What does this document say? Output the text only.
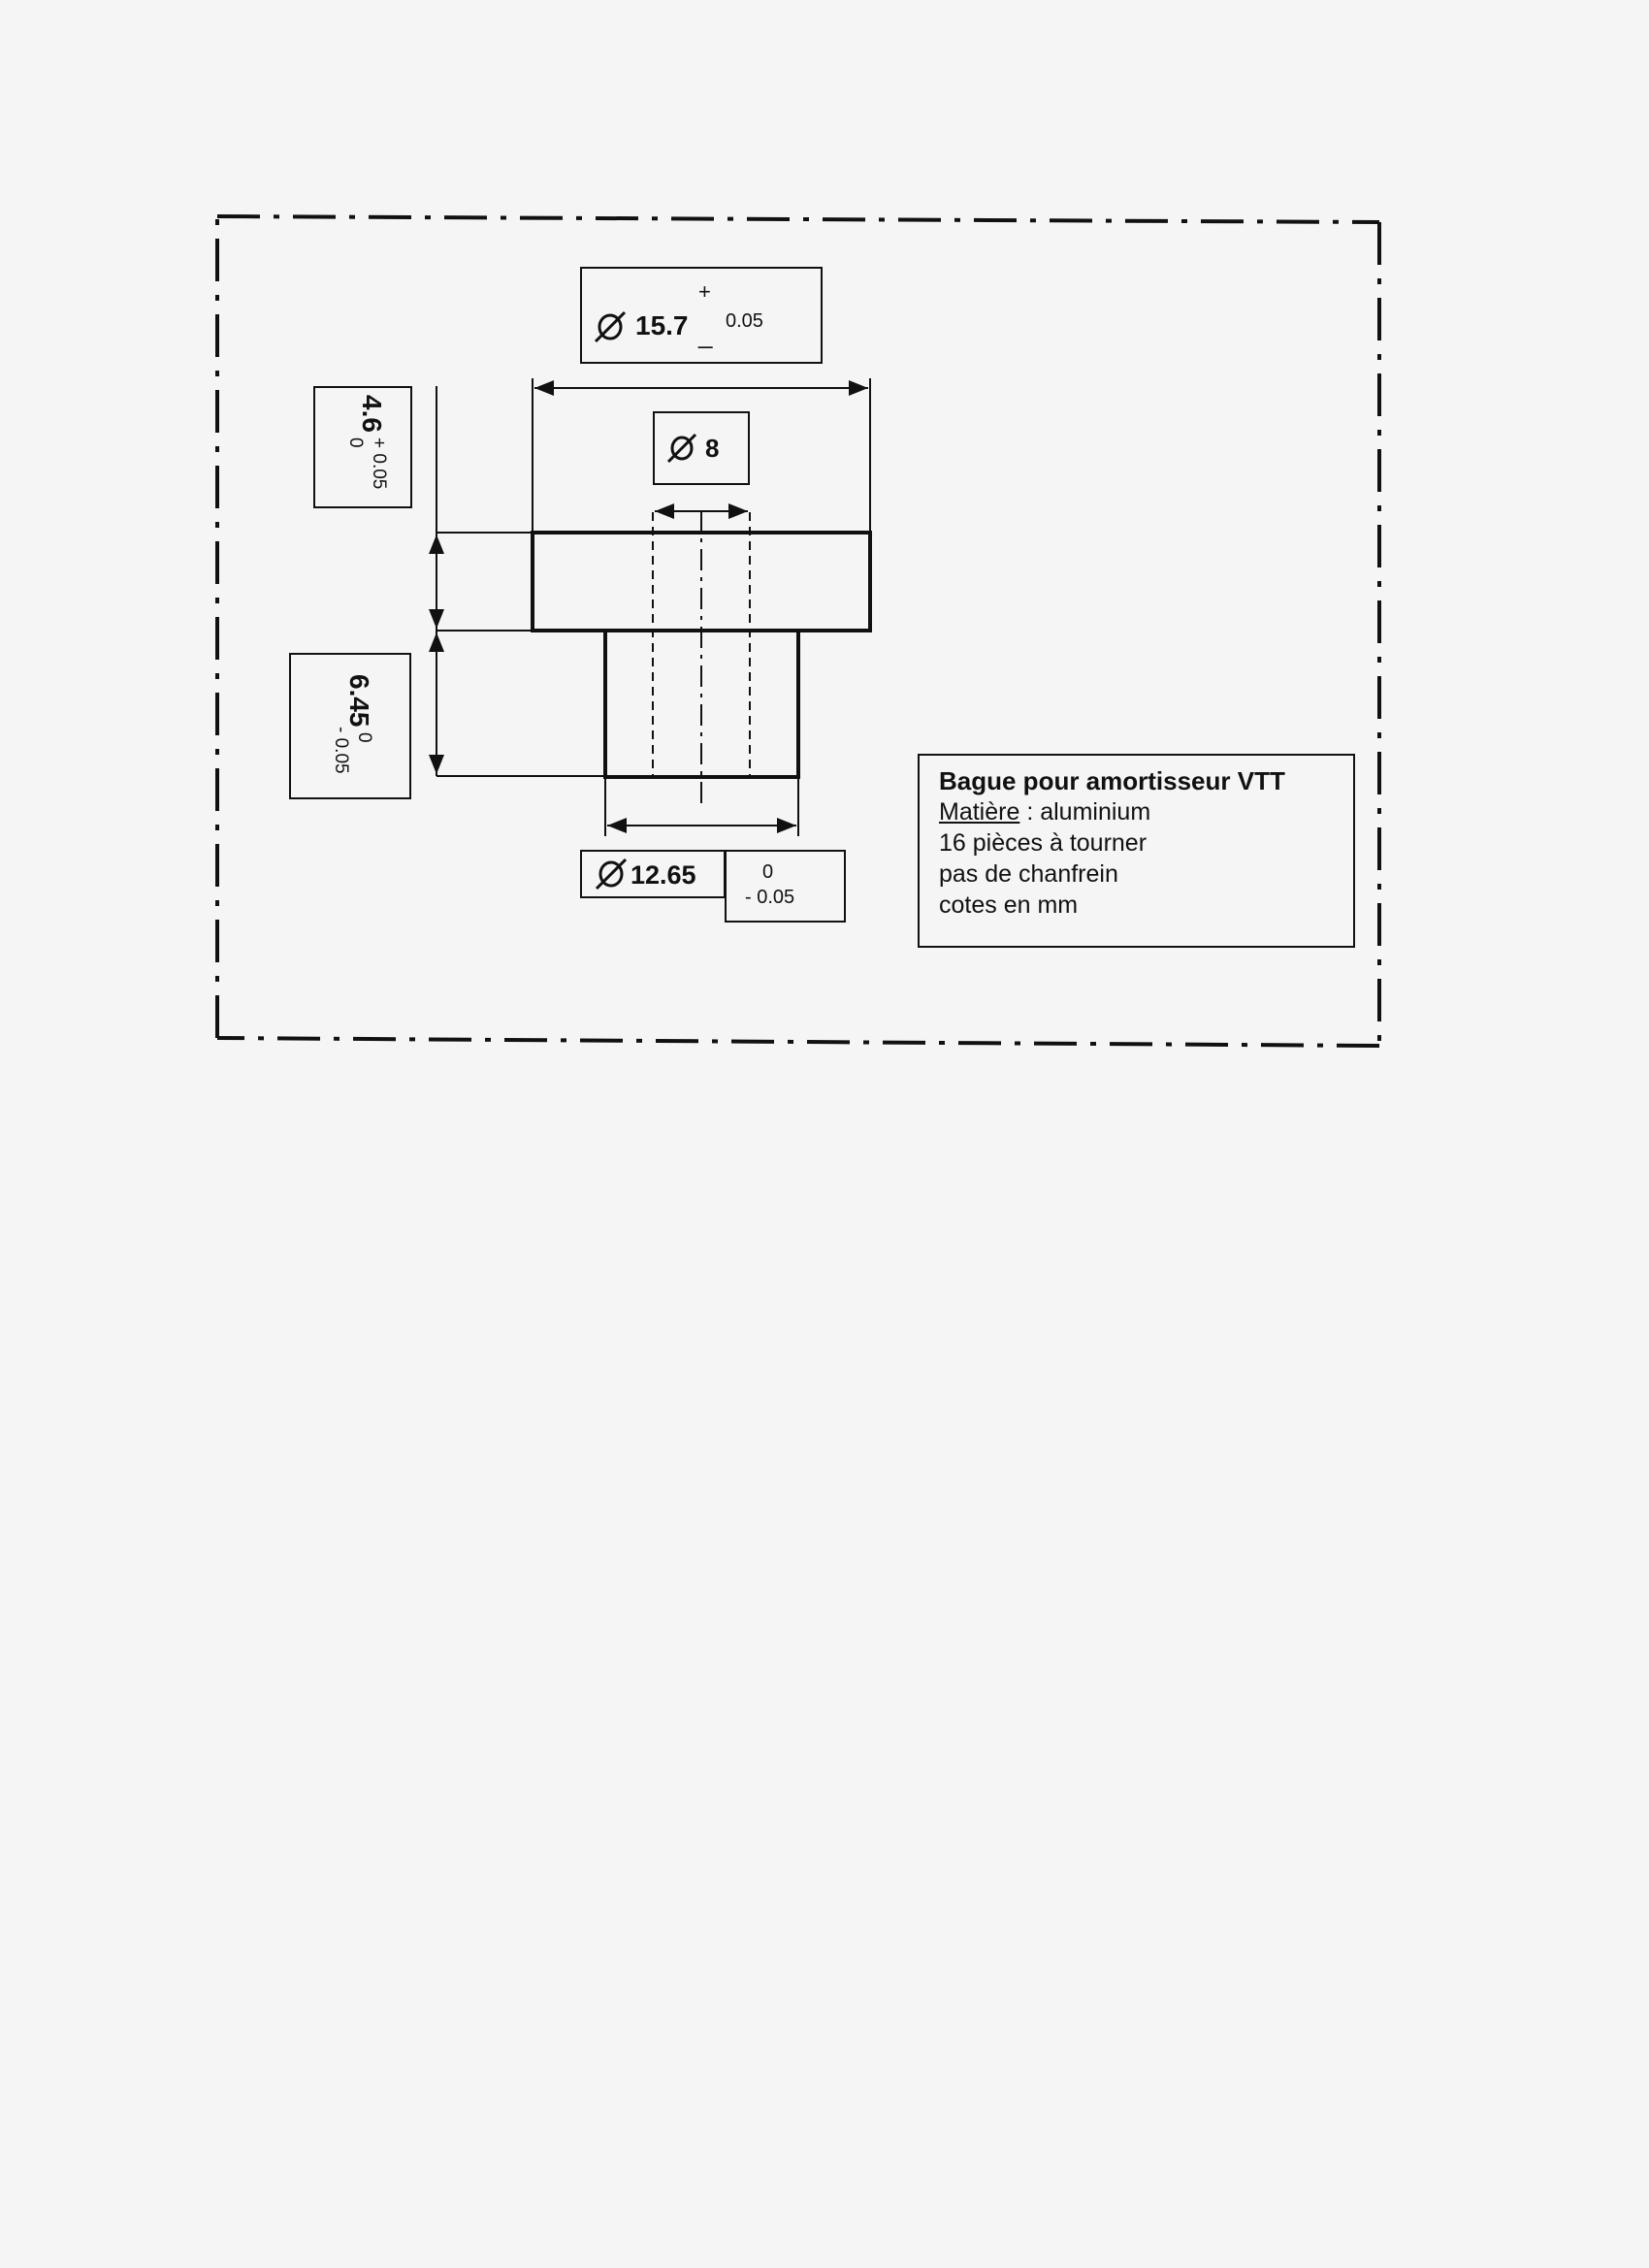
15.7
+
_ 0.05
8
4.6
+ 0.05
0
6.45
0
- 0.05
12.65	0
- 0.05
Bague pour amortisseur VTT
Matière : aluminium
16 pièces à tourner
pas de chanfrein
cotes en mm
